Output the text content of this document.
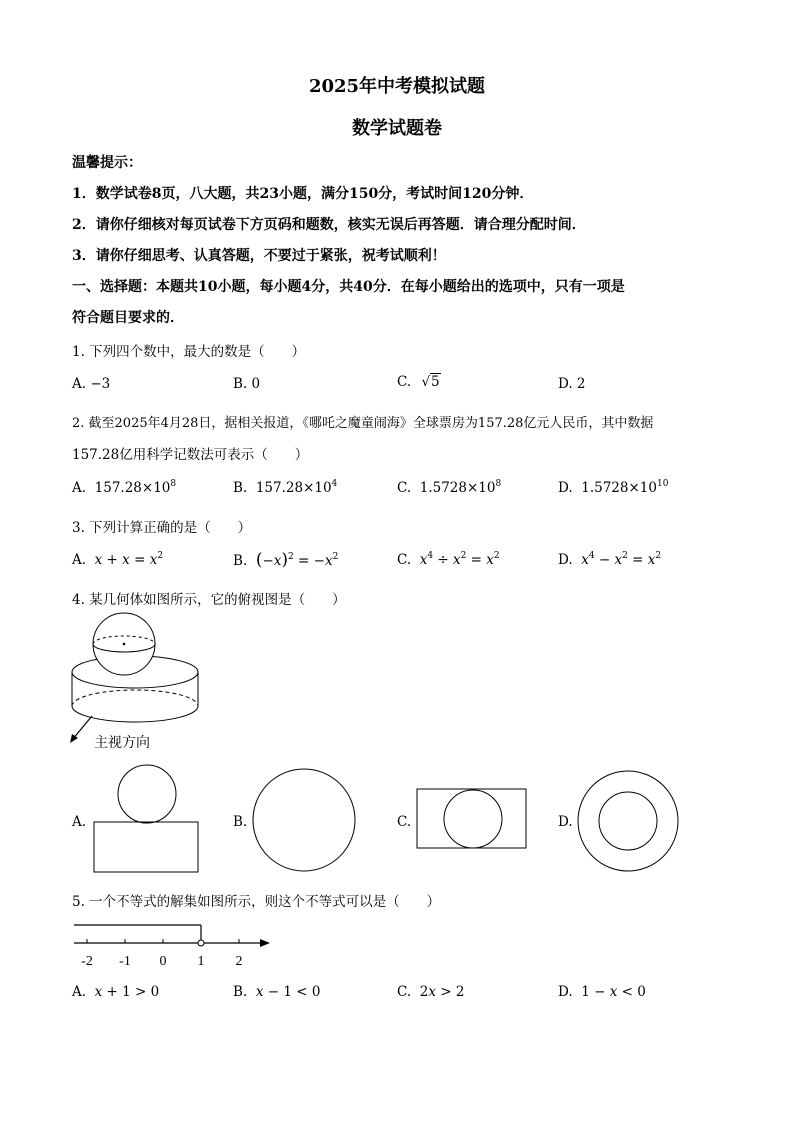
2025年中考模拟试题
数学试题卷
温馨提示：
1．数学试卷8页，八大题，共23小题，满分150分，考试时间120分钟．
2．请你仔细核对每页试卷下方页码和题数，核实无误后再答题．请合理分配时间．
3．请你仔细思考、认真答题，不要过于紧张，祝考试顺利！
一、选择题：本题共10小题，每小题4分，共40分．在每小题给出的选项中，只有一项是
符合题目要求的．
1. 下列四个数中，最大的数是（　　）
A. −3	B. 0	C. √5	D. 2
2. 截至2025年4月28日，据相关报道，《哪吒之魔童闹海》全球票房为157.28亿元人民币，其中数据
157.28亿用科学记数法可表示（　　）
A. $157.28\times 10^8$	B. $157.28\times 10^4$	C. $1.5728\times 10^8$	D. $1.5728\times 10^{10}$
3. 下列计算正确的是（　　）
A. $x + x = x^2$	B. $(-x)^2 = -x^2$	C. $x^4 \div x^2 = x^2$	D. $x^4 - x^2 = x^2$
4. 某几何体如图所示，它的俯视图是（　　）
主视方向
A.	B.	C.	D.
5. 一个不等式的解集如图所示，则这个不等式可以是（　　）
-2 -1 0 1 2
A. x + 1 > 0	B. x − 1 < 0	C.  2x > 2	D.  1 − x < 0
